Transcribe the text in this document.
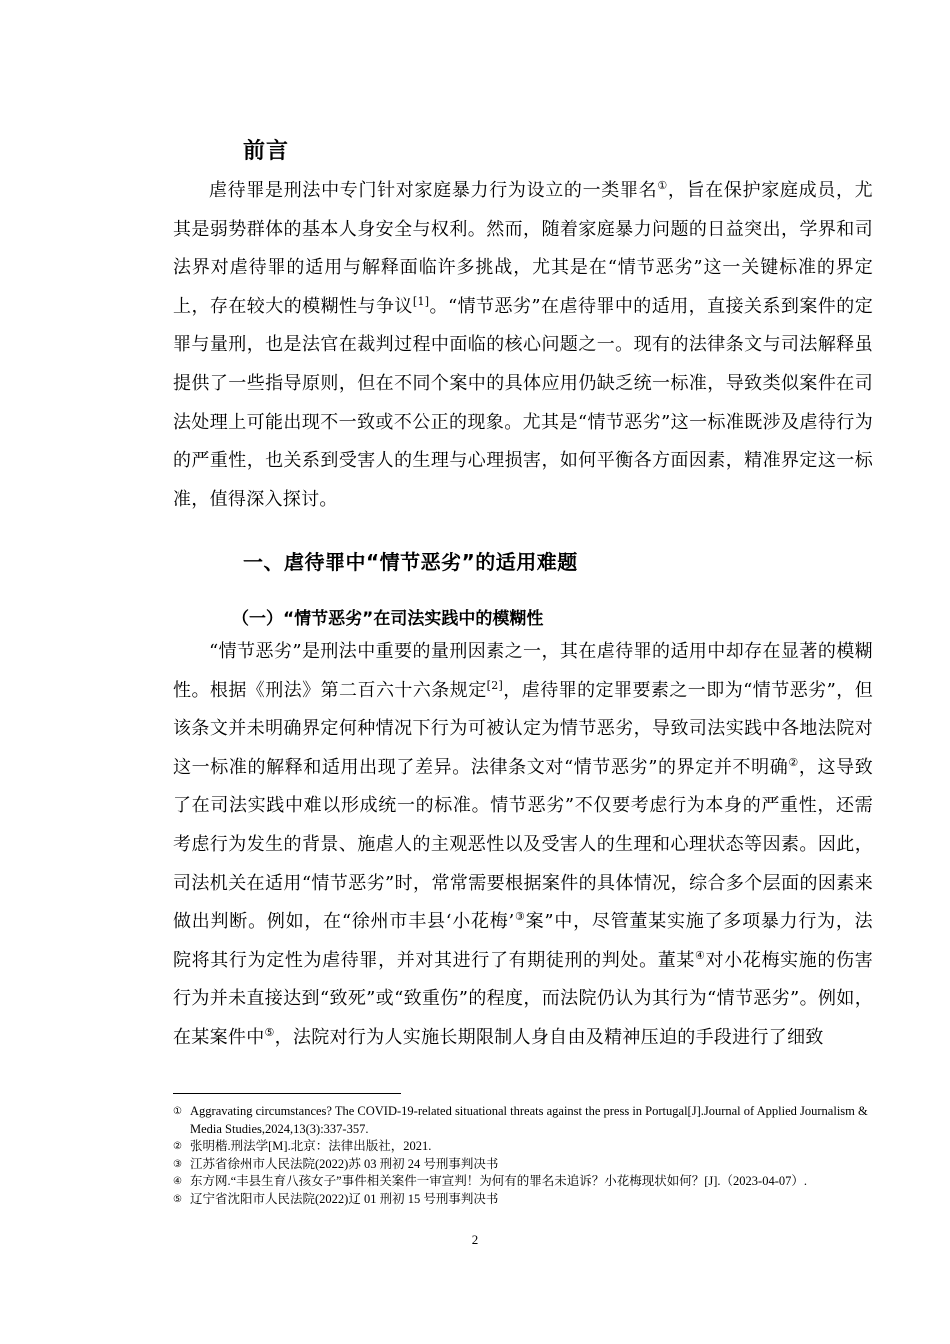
前言

虐待罪是刑法中专门针对家庭暴力行为设立的一类罪名①，旨在保护家庭成员，尤其是弱势群体的基本人身安全与权利。然而，随着家庭暴力问题的日益突出，学界和司法界对虐待罪的适用与解释面临许多挑战，尤其是在“情节恶劣”这一关键标准的界定上，存在较大的模糊性与争议[1]。“情节恶劣”在虐待罪中的适用，直接关系到案件的定罪与量刑，也是法官在裁判过程中面临的核心问题之一。现有的法律条文与司法解释虽提供了一些指导原则，但在不同个案中的具体应用仍缺乏统一标准，导致类似案件在司法处理上可能出现不一致或不公正的现象。尤其是“情节恶劣”这一标准既涉及虐待行为的严重性，也关系到受害人的生理与心理损害，如何平衡各方面因素，精准界定这一标准，值得深入探讨。

一、虐待罪中“情节恶劣”的适用难题
（一）“情节恶劣”在司法实践中的模糊性

“情节恶劣”是刑法中重要的量刑因素之一，其在虐待罪的适用中却存在显著的模糊性。根据《刑法》第二百六十六条规定[2]，虐待罪的定罪要素之一即为“情节恶劣”，但该条文并未明确界定何种情况下行为可被认定为情节恶劣，导致司法实践中各地法院对这一标准的解释和适用出现了差异。法律条文对“情节恶劣”的界定并不明确②，这导致了在司法实践中难以形成统一的标准。情节恶劣”不仅要考虑行为本身的严重性，还需考虑行为发生的背景、施虐人的主观恶性以及受害人的生理和心理状态等因素。因此，司法机关在适用“情节恶劣”时，常常需要根据案件的具体情况，综合多个层面的因素来做出判断。例如，在“徐州市丰县‘小花梅’③案”中，尽管董某实施了多项暴力行为，法院将其行为定性为虐待罪，并对其进行了有期徒刑的判处。董某④对小花梅实施的伤害行为并未直接达到“致死”或“致重伤”的程度，而法院仍认为其行为“情节恶劣”。例如，在某案件中⑤，法院对行为人实施长期限制人身自由及精神压迫的手段进行了细致

① Aggravating circumstances? The COVID-19-related situational threats against the press in Portugal[J].Journal of Applied Journalism & Media Studies,2024,13(3):337-357.
② 张明楷.刑法学[M].北京：法律出版社，2021.
③ 江苏省徐州市人民法院(2022)苏 03 刑初 24 号刑事判决书
④ 东方网.“丰县生育八孩女子”事件相关案件一审宣判！为何有的罪名未追诉？小花梅现状如何？[J].（2023-04-07）.
⑤ 辽宁省沈阳市人民法院(2022)辽 01 刑初 15 号刑事判决书
2
